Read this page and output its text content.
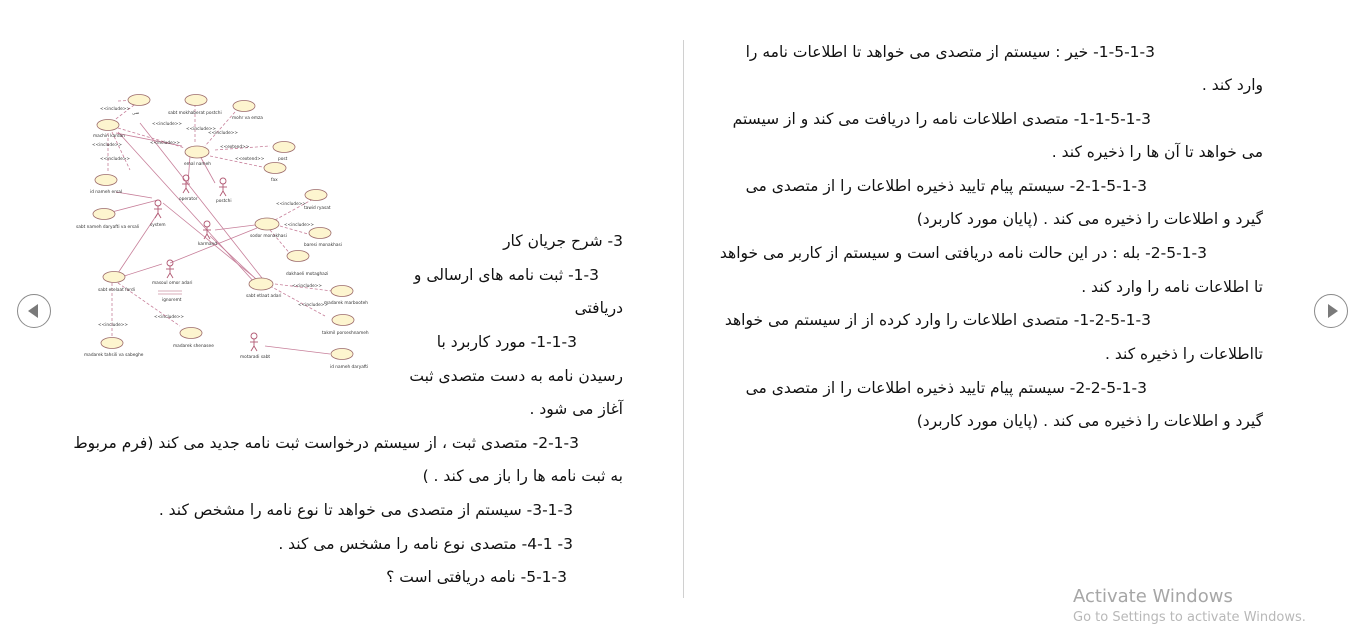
<<include>>
<<include>>
<<include>>
<<include>>
<<include>>
<<include>>
<<include>>
<<extend>>
<<extend>>
<<include>>
<<include>>
<<include>>
<<include>>
<<include>>
<<include>>
منی	sabt mokhaberat postchi
mohr va emza
machin kardan
post
emal nameh
fax
id nameh ersal
sabt nameh daryafti va ersali
tawid ryasat
sodor monakhasi
baresi monakhasi
dakhaeli motaghazi
sabt etelaat fardi
sabt etlaat adari
madarek marbooteh
takmil porseshnameh
madarek shenasee
madarek tahsili va sabeghe
id nameh daryafti
operator	postchi
system
karmand
masoul omor adari
motaradi sabt
ignoremt
3- شرح جریان کار
1-3- ثبت نامه های ارسالی و
دریافتی
1-1-3- مورد کاربرد با
رسیدن نامه به دست متصدی ثبت
آغاز می شود .
2-1-3- متصدی ثبت ، از سیستم درخواست ثبت نامه جدید می کند (فرم مربوط
به ثبت نامه ها را باز می کند . )
3-1-3- سیستم از متصدی می خواهد تا نوع نامه را مشخص کند .
3- 4-1- متصدی نوع نامه را مشخس می کند .
5-1-3- نامه دریافتی است ؟
1-5-1-3- خیر : سیستم از متصدی می خواهد تا اطلاعات نامه را
وارد کند .
1-1-5-1-3- متصدی اطلاعات نامه را دریافت می کند و از سیستم
می خواهد تا آن ها را ذخیره کند .
2-1-5-1-3- سیستم پیام تایید ذخیره اطلاعات را از متصدی می
گیرد و اطلاعات را ذخیره می کند . (پایان مورد کاربرد)
2-5-1-3- بله : در این حالت نامه دریافتی است و سیستم از کاربر می خواهد
تا اطلاعات نامه را وارد کند .
1-2-5-1-3- متصدی اطلاعات را وارد کرده از از سیستم می خواهد
تااطلاعات را ذخیره کند .
2-2-5-1-3- سیستم پیام تایید ذخیره اطلاعات را از متصدی می
گیرد و اطلاعات را ذخیره می کند . (پایان مورد کاربرد)
Activate Windows
Go to Settings to activate Windows.
